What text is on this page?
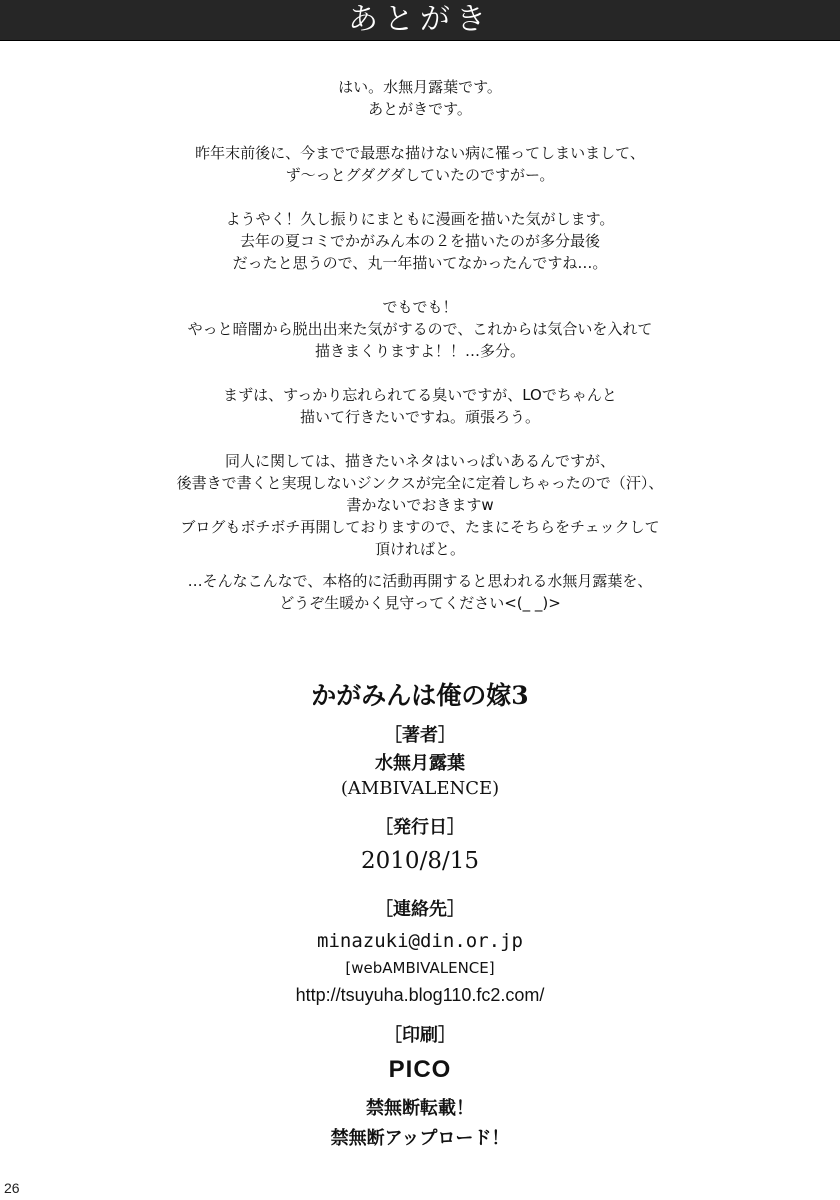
あとがき
はい。水無月露葉です。
あとがきです。
昨年末前後に、今までで最悪な描けない病に罹ってしまいまして、
ず～っとグダグダしていたのですがー。
ようやく！久し振りにまともに漫画を描いた気がします。
去年の夏コミでかがみん本の２を描いたのが多分最後
だったと思うので、丸一年描いてなかったんですね…。
でもでも！
やっと暗闇から脱出出来た気がするので、これからは気合いを入れて
描きまくりますよ！！…多分。
まずは、すっかり忘れられてる臭いですが、LOでちゃんと
描いて行きたいですね。頑張ろう。
同人に関しては、描きたいネタはいっぱいあるんですが、
後書きで書くと実現しないジンクスが完全に定着しちゃったので（汗）、
書かないでおきますw
ブログもボチボチ再開しておりますので、たまにそちらをチェックして
頂ければと。
…そんなこんなで、本格的に活動再開すると思われる水無月露葉を、
どうぞ生暖かく見守ってください<(_ _)>
かがみんは俺の嫁3
［著者］
水無月露葉
(AMBIVALENCE)
［発行日］
2010/8/15
［連絡先］
minazuki@din.or.jp
[webAMBIVALENCE]
http://tsuyuha.blog110.fc2.com/
［印刷］
PICO
禁無断転載！
禁無断アップロード！
26
